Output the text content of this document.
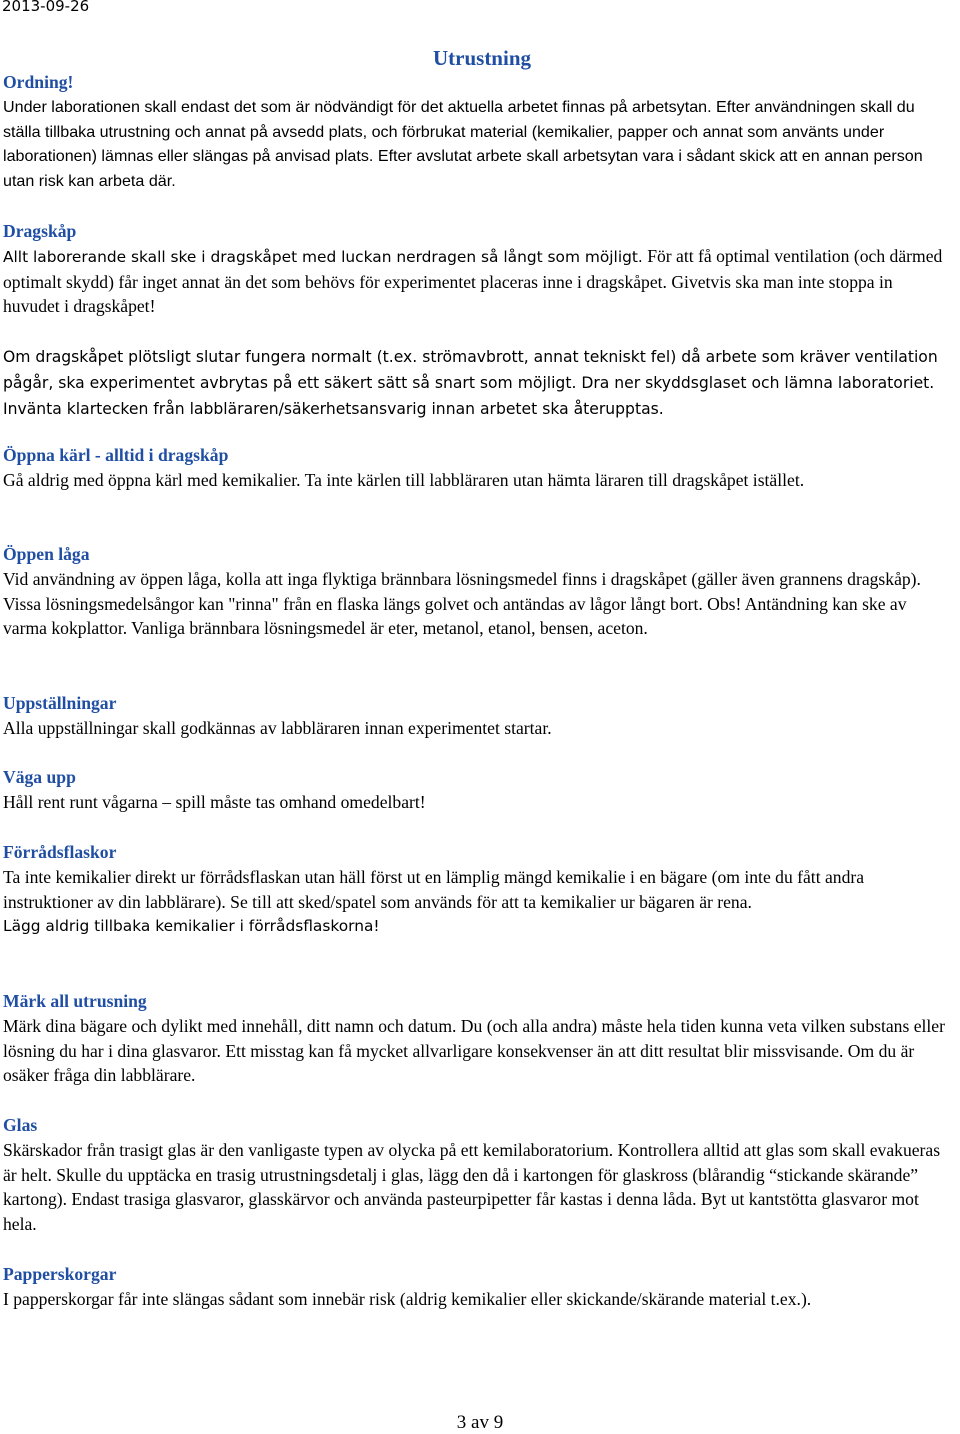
2013-09-26
Utrustning
Ordning!

Under laborationen skall endast det som är nödvändigt för det aktuella arbetet finnas på arbetsytan. Efter användningen skall du ställa tillbaka utrustning och annat på avsedd plats, och förbrukat material (kemikalier, papper och annat som använts under laborationen) lämnas eller slängas på anvisad plats. Efter avslutat arbete skall arbetsytan vara i sådant skick att en annan person utan risk kan arbeta där.

Dragskåp

Allt laborerande skall ske i dragskåpet med luckan nerdragen så långt som möjligt. För att få optimal ventilation (och därmed optimalt skydd) får inget annat än det som behövs för experimentet placeras inne i dragskåpet. Givetvis ska man inte stoppa in huvudet i dragskåpet!

Om dragskåpet plötsligt slutar fungera normalt (t.ex. strömavbrott, annat tekniskt fel) då arbete som kräver ventilation pågår, ska experimentet avbrytas på ett säkert sätt så snart som möjligt. Dra ner skyddsglaset och lämna laboratoriet. Invänta klartecken från labbläraren/säkerhetsansvarig innan arbetet ska återupptas.

Öppna kärl - alltid i dragskåp

Gå aldrig med öppna kärl med kemikalier. Ta inte kärlen till labbläraren utan hämta läraren till dragskåpet istället.

Öppen låga

Vid användning av öppen låga, kolla att inga flyktiga brännbara lösningsmedel finns i dragskåpet (gäller även grannens dragskåp). Vissa lösningsmedelsångor kan "rinna" från en flaska längs golvet och antändas av lågor långt bort. Obs! Antändning kan ske av varma kokplattor. Vanliga brännbara lösningsmedel är eter, metanol, etanol, bensen, aceton.

Uppställningar

Alla uppställningar skall godkännas av labbläraren innan experimentet startar.

Väga upp

Håll rent runt vågarna – spill måste tas omhand omedelbart!

Förrådsflaskor

Ta inte kemikalier direkt ur förrådsflaskan utan häll först ut en lämplig mängd kemikalie i en bägare (om inte du fått andra instruktioner av din labblärare). Se till att sked/spatel som används för att ta kemikalier ur bägaren är rena.

Lägg aldrig tillbaka kemikalier i förrådsflaskorna!

Märk all utrusning

Märk dina bägare och dylikt med innehåll, ditt namn och datum. Du (och alla andra) måste hela tiden kunna veta vilken substans eller lösning du har i dina glasvaror. Ett misstag kan få mycket allvarligare konsekvenser än att ditt resultat blir missvisande. Om du är osäker fråga din labblärare.

Glas

Skärskador från trasigt glas är den vanligaste typen av olycka på ett kemilaboratorium. Kontrollera alltid att glas som skall evakueras är helt. Skulle du upptäcka en trasig utrustningsdetalj i glas, lägg den då i kartongen för glaskross (blårandig “stickande skärande” kartong). Endast trasiga glasvaror, glasskärvor och använda pasteurpipetter får kastas i denna låda. Byt ut kantstötta glasvaror mot hela.

Papperskorgar

I papperskorgar får inte slängas sådant som innebär risk (aldrig kemikalier eller skickande/skärande material t.ex.).

3 av 9
